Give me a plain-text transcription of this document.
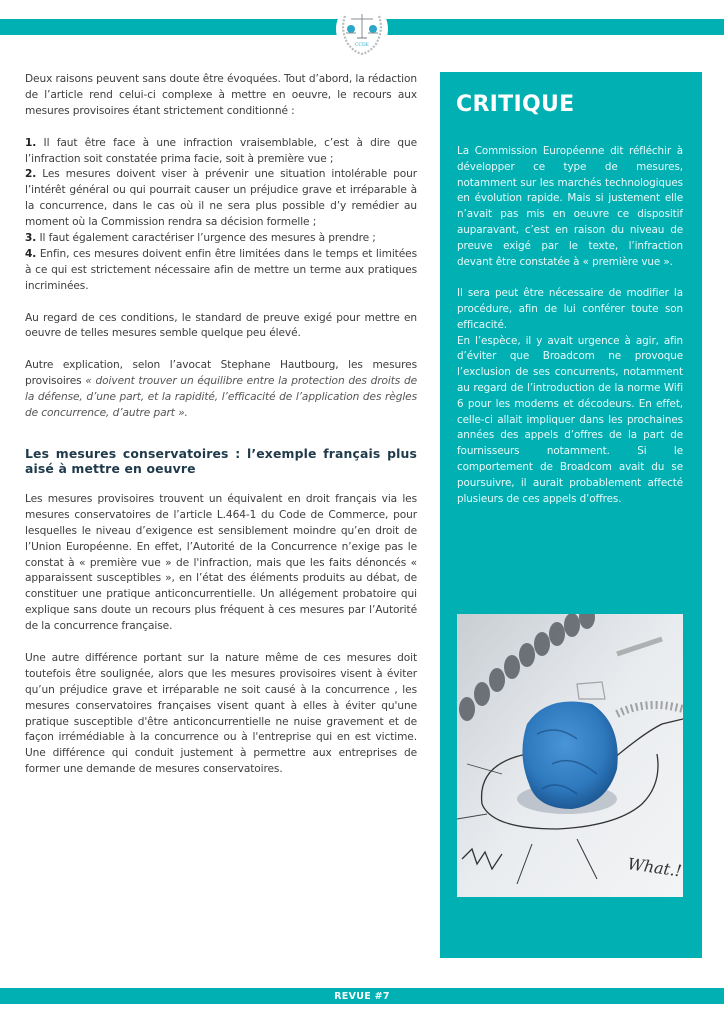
CCDE

Deux raisons peuvent sans doute être évoquées. Tout d’abord, la rédaction de l’article rend celui-ci complexe à mettre en oeuvre, le recours aux mesures provisoires étant strictement conditionné :

1. Il faut être face à une infraction vraisemblable, c’est à dire que l’infraction soit constatée prima facie, soit à première vue ;

2. Les mesures doivent viser à prévenir une situation intolérable pour l’intérêt général ou qui pourrait causer un préjudice grave et irréparable à la concurrence, dans le cas où il ne sera plus possible d’y remédier au moment où la Commission rendra sa décision formelle ;

3. Il faut également caractériser l’urgence des mesures à prendre ;

4. Enfin, ces mesures doivent enfin être limitées dans le temps et limitées à ce qui est strictement nécessaire afin de mettre un terme aux pratiques incriminées.

Au regard de ces conditions, le standard de preuve exigé pour mettre en oeuvre de telles mesures semble quelque peu élevé.

Autre explication, selon l’avocat Stephane Hautbourg, les mesures provisoires « doivent trouver un équilibre entre la protection des droits de la défense, d’une part, et la rapidité, l’efficacité de l’application des règles de concurrence, d’autre part ».

Les mesures conservatoires : l’exemple français plus aisé à mettre en oeuvre

Les mesures provisoires trouvent un équivalent en droit français via les mesures conservatoires de l’article L.464-1 du Code de Commerce, pour lesquelles le niveau d’exigence est sensiblement moindre qu’en droit de l’Union Européenne. En effet, l’Autorité de la Concurrence n’exige pas le constat à « première vue » de l'infraction, mais que les faits dénoncés « apparaissent susceptibles », en l’état des éléments produits au débat, de constituer une pratique anticoncurrentielle. Un allégement probatoire qui explique sans doute un recours plus fréquent à ces mesures par l’Autorité de la concurrence française.

Une autre différence portant sur la nature même de ces mesures doit toutefois être soulignée, alors que les mesures provisoires visent à éviter qu’un préjudice grave et irréparable ne soit causé à la concurrence , les mesures conservatoires françaises visent quant à elles à éviter qu'une pratique susceptible d'être anticoncurrentielle ne nuise gravement et de façon irrémédiable à la concurrence ou à l'entreprise qui en est victime. Une différence qui conduit justement à permettre aux entreprises de former une demande de mesures conservatoires.

CRITIQUE

La Commission Européenne dit réfléchir à développer ce type de mesures, notamment sur les marchés technologiques en évolution rapide. Mais si justement elle n’avait pas mis en oeuvre ce dispositif auparavant, c’est en raison du niveau de preuve exigé par le texte, l’infraction devant être constatée à « première vue ».

Il sera peut être nécessaire de modifier la procédure, afin de lui conférer toute son efficacité.

En l’espèce, il y avait urgence à agir, afin d’éviter que Broadcom ne provoque l’exclusion de ses concurrents, notamment au regard de l’introduction de la norme Wifi 6 pour les modems et décodeurs. En effet, celle-ci allait impliquer dans les prochaines années des appels d’offres de la part de fournisseurs notamment. Si le comportement de Broadcom avait du se poursuivre, il aurait probablement affecté plusieurs de ces appels d’offres.

What.!
REVUE #7
